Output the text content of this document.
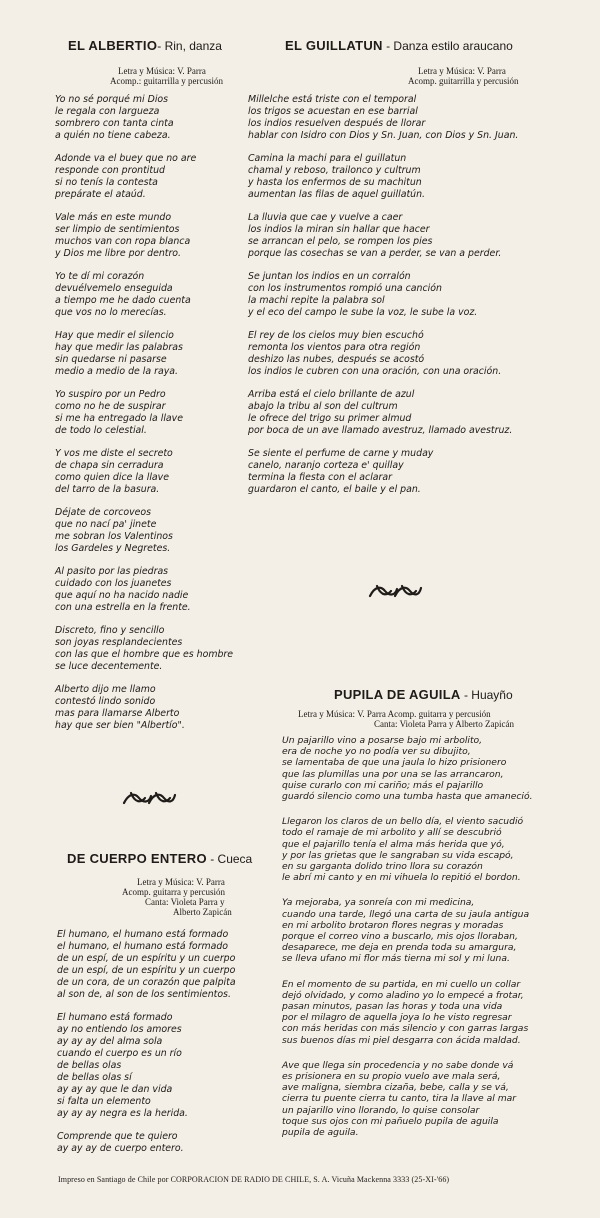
EL ALBERTIO- Rin, danza
Letra y Música: V. Parra
Acomp.: guitarrilla y percusión
Yo no sé porqué mi Dios
le regala con largueza
sombrero con tanta cinta
a quién no tiene cabeza.
Adonde va el buey que no are
responde con prontitud
si no tenís la contesta
prepárate el ataúd.
Vale más en este mundo
ser limpio de sentimientos
muchos van con ropa blanca
y Dios me libre por dentro.
Yo te dí mi corazón
devuélvemelo enseguida
a tiempo me he dado cuenta
que vos no lo merecías.
Hay que medir el silencio
hay que medir las palabras
sin quedarse ni pasarse
medio a medio de la raya.
Yo suspiro por un Pedro
como no he de suspirar
si me ha entregado la llave
de todo lo celestial.
Y vos me diste el secreto
de chapa sin cerradura
como quien dice la llave
del tarro de la basura.
Déjate de corcoveos
que no nací pa' jinete
me sobran los Valentinos
los Gardeles y Negretes.
Al pasito por las piedras
cuidado con los juanetes
que aquí no ha nacido nadie
con una estrella en la frente.
Discreto, fino y sencillo
son joyas resplandecientes
con las que el hombre que es hombre
se luce decentemente.
Alberto dijo me llamo
contestó lindo sonido
mas para llamarse Alberto
hay que ser bien "Albertío".
EL GUILLATUN - Danza estilo araucano
Letra y Música: V. Parra
Acomp. guitarrilla y percusión
Millelche está triste con el temporal
los trigos se acuestan en ese barrial
los indios resuelven después de llorar
hablar con Isidro con Dios y Sn. Juan, con Dios y Sn. Juan.
Camina la machi para el guillatun
chamal y reboso, trailonco y cultrum
y hasta los enfermos de su machitun
aumentan las filas de aquel guillatún.
La lluvia que cae y vuelve a caer
los indios la miran sin hallar que hacer
se arrancan el pelo, se rompen los pies
porque las cosechas se van a perder, se van a perder.
Se juntan los indios en un corralón
con los instrumentos rompió una canción
la machi repite la palabra sol
y el eco del campo le sube la voz, le sube la voz.
El rey de los cielos muy bien escuchó
remonta los vientos para otra región
deshizo las nubes, después se acostó
los indios le cubren con una oración, con una oración.
Arriba está el cielo brillante de azul
abajo la tribu al son del cultrum
le ofrece del trigo su primer almud
por boca de un ave llamado avestruz, llamado avestruz.
Se siente el perfume de carne y muday
canelo, naranjo corteza e' quillay
termina la fiesta con el aclarar
guardaron el canto, el baile y el pan.
PUPILA DE AGUILA - Huayño
Letra y Música: V. Parra Acomp. guitarra y percusión
Canta: Violeta Parra y Alberto Zapicán
Un pajarillo vino a posarse bajo mi arbolito,
era de noche yo no podía ver su dibujito,
se lamentaba de que una jaula lo hizo prisionero
que las plumillas una por una se las arrancaron,
quise curarlo con mi cariño; más el pajarillo
guardó silencio como una tumba hasta que amaneció.
Llegaron los claros de un bello día, el viento sacudió
todo el ramaje de mi arbolito y allí se descubrió
que el pajarillo tenía el alma más herida que yó,
y por las grietas que le sangraban su vida escapó,
en su garganta dolido trino llora su corazón
le abrí mi canto y en mi vihuela lo repitió el bordon.
Ya mejoraba, ya sonreía con mi medicina,
cuando una tarde, llegó una carta de su jaula antigua
en mi arbolito brotaron flores negras y moradas
porque el correo vino a buscarlo, mis ojos lloraban,
desaparece, me deja en prenda toda su amargura,
se lleva ufano mi flor más tierna mi sol y mi luna.
En el momento de su partida, en mi cuello un collar
dejó olvidado, y como aladino yo lo empecé a frotar,
pasan minutos, pasan las horas y toda una vida
por el milagro de aquella joya lo he visto regresar
con más heridas con más silencio y con garras largas
sus buenos días mi piel desgarra con ácida maldad.
Ave que llega sin procedencia y no sabe donde vá
es prisionera en su propio vuelo ave mala será,
ave maligna, siembra cizaña, bebe, calla y se vá,
cierra tu puente cierra tu canto, tira la llave al mar
un pajarillo vino llorando, lo quise consolar
toque sus ojos con mi pañuelo pupila de aguila
pupila de aguila.
DE CUERPO ENTERO - Cueca
Letra y Música: V. Parra
Acomp. guitarra y percusión
Canta: Violeta Parra y
Alberto Zapicán
El humano, el humano está formado
el humano, el humano está formado
de un espí, de un espíritu y un cuerpo
de un espí, de un espíritu y un cuerpo
de un cora, de un corazón que palpita
al son de, al son de los sentimientos.
El humano está formado
ay no entiendo los amores
ay ay ay del alma sola
cuando el cuerpo es un río
de bellas olas
de bellas olas sí
ay ay ay que le dan vida
si falta un elemento
ay ay ay negra es la herida.
Comprende que te quiero
ay ay ay de cuerpo entero.
Impreso en Santiago de Chile por CORPORACION DE RADIO DE CHILE, S. A. Vicuña Mackenna 3333 (25-XI-'66)
